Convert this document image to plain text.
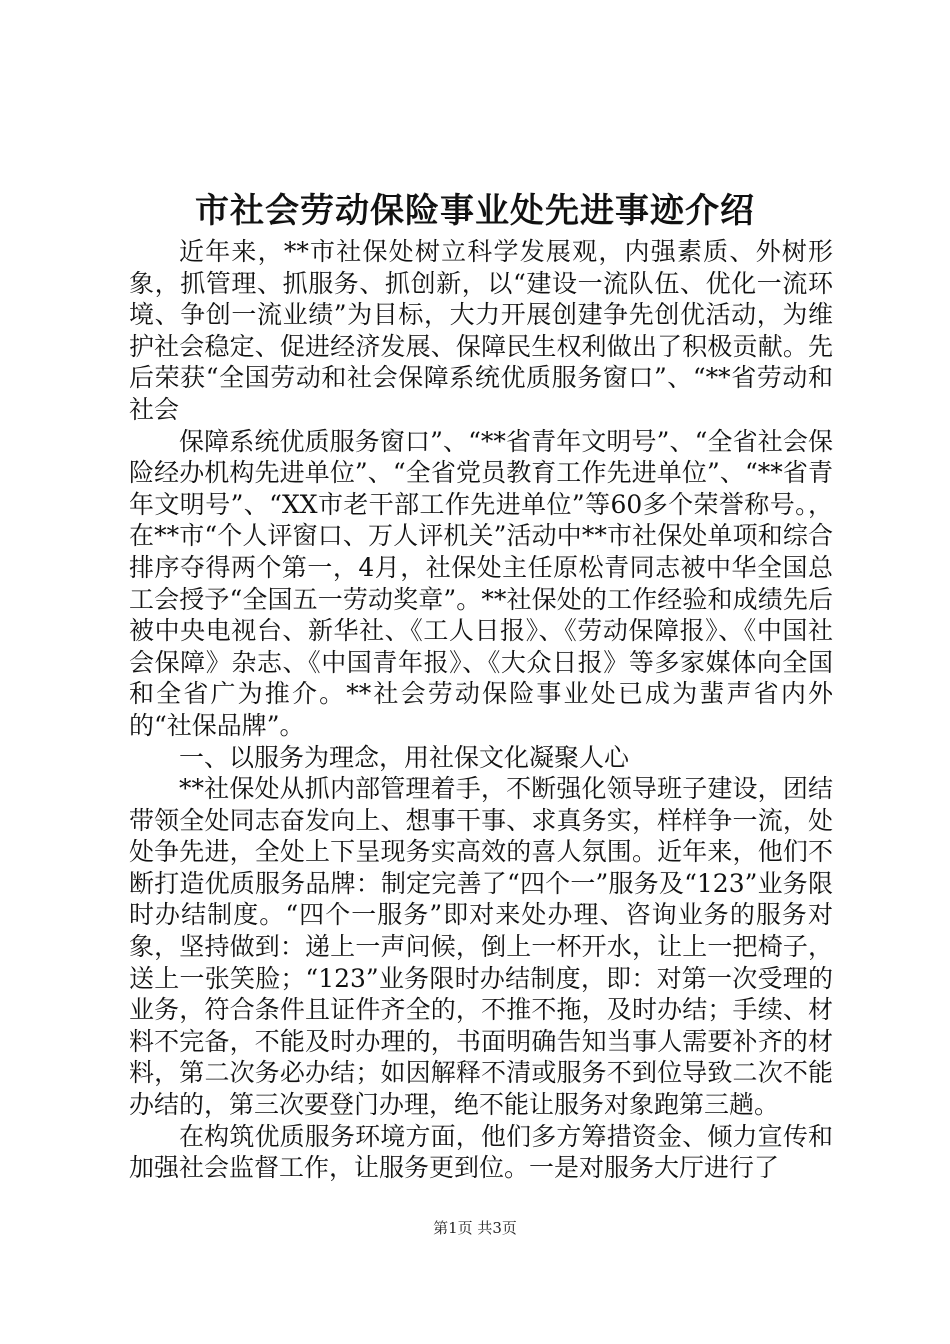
市社会劳动保险事业处先进事迹介绍

近年来，**市社保处树立科学发展观，内强素质、外树形象，抓管理、抓服务、抓创新，以“建设一流队伍、优化一流环境、争创一流业绩”为目标，大力开展创建争先创优活动，为维护社会稳定、促进经济发展、保障民生权利做出了积极贡献。先后荣获“全国劳动和社会保障系统优质服务窗口”、“**省劳动和社会

保障系统优质服务窗口”、“**省青年文明号”、“全省社会保险经办机构先进单位”、“全省党员教育工作先进单位”、“**省青年文明号”、“XX市老干部工作先进单位”等60多个荣誉称号。，在**市“个人评窗口、万人评机关”活动中**市社保处单项和综合排序夺得两个第一，4月，社保处主任原松青同志被中华全国总工会授予“全国五一劳动奖章”。**社保处的工作经验和成绩先后被中央电视台、新华社、《工人日报》、《劳动保障报》、《中国社会保障》杂志、《中国青年报》、《大众日报》等多家媒体向全国和全省广为推介。**社会劳动保险事业处已成为蜚声省内外的“社保品牌”。

一、以服务为理念，用社保文化凝聚人心

**社保处从抓内部管理着手，不断强化领导班子建设，团结带领全处同志奋发向上、想事干事、求真务实，样样争一流，处处争先进，全处上下呈现务实高效的喜人氛围。近年来，他们不断打造优质服务品牌：制定完善了“四个一”服务及“123”业务限时办结制度。“四个一服务”即对来处办理、咨询业务的服务对象，坚持做到：递上一声问候，倒上一杯开水，让上一把椅子，送上一张笑脸；“123”业务限时办结制度，即：对第一次受理的业务，符合条件且证件齐全的，不推不拖，及时办结；手续、材料不完备，不能及时办理的，书面明确告知当事人需要补齐的材料，第二次务必办结；如因解释不清或服务不到位导致二次不能办结的，第三次要登门办理，绝不能让服务对象跑第三趟。

在构筑优质服务环境方面，他们多方筹措资金、倾力宣传和加强社会监督工作，让服务更到位。一是对服务大厅进行了

第1页 共3页
